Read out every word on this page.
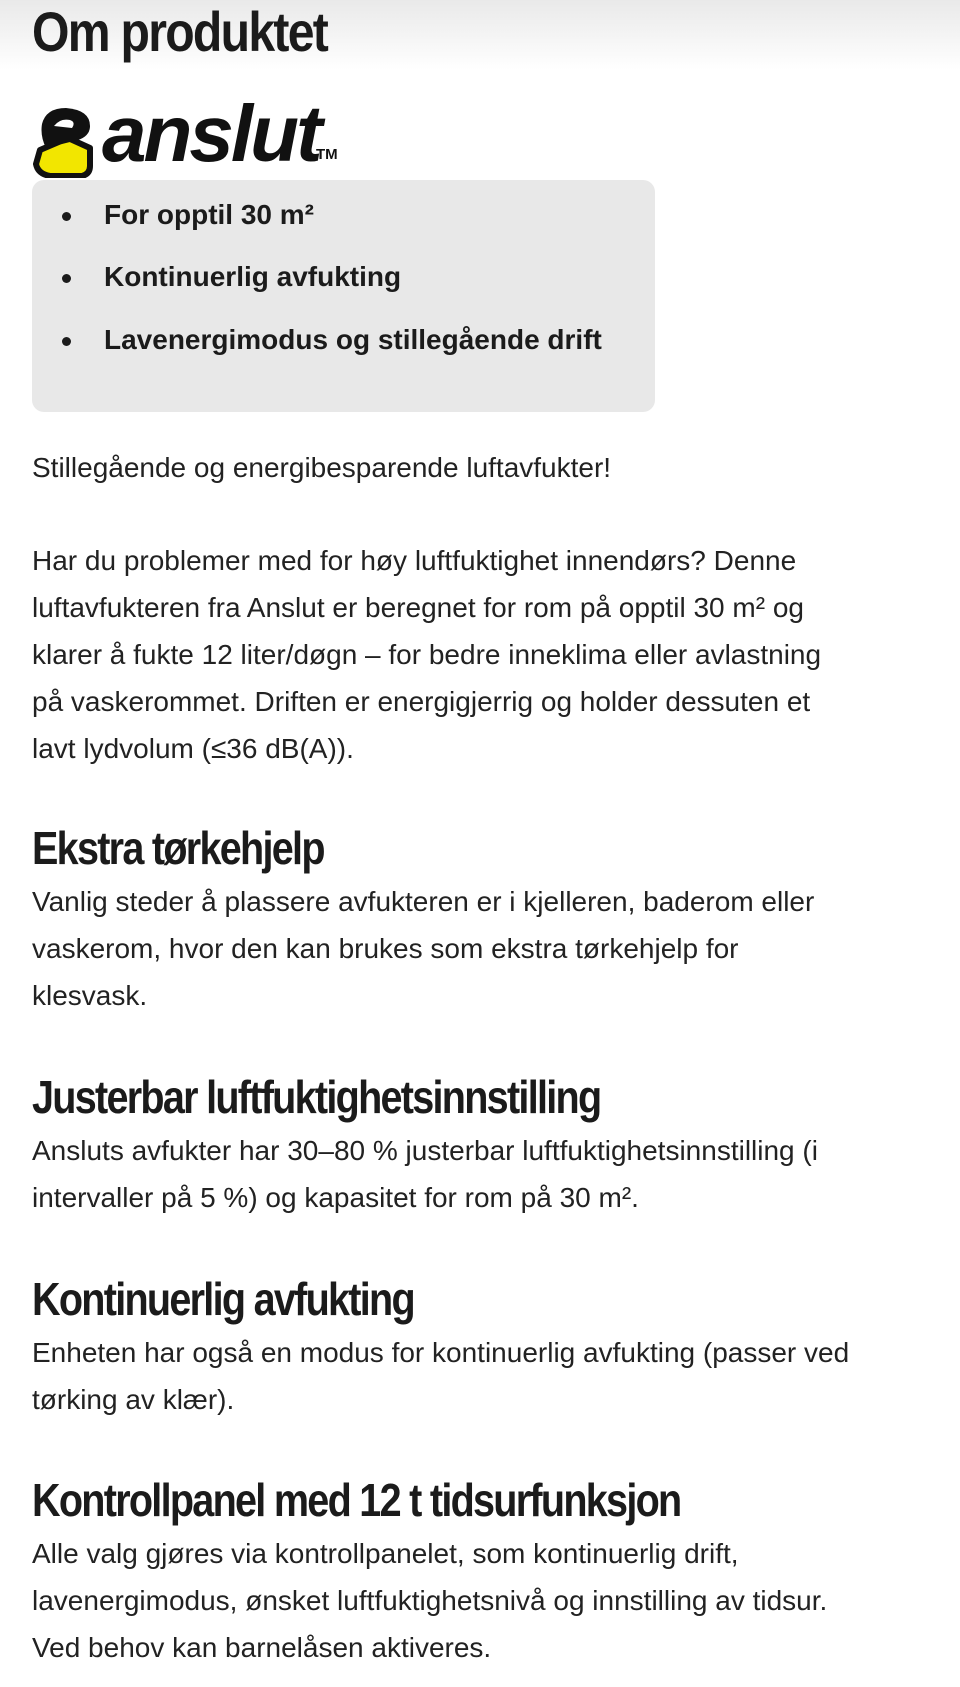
Om produktet
anslut
TM
For opptil 30 m²
Kontinuerlig avfukting
Lavenergimodus og stillegående drift

Stillegående og energibesparende luftavfukter!

Har du problemer med for høy luftfuktighet innendørs? Denne
luftavfukteren fra Anslut er beregnet for rom på opptil 30 m² og
klarer å fukte 12 liter/døgn – for bedre inneklima eller avlastning
på vaskerommet. Driften er energigjerrig og holder dessuten et
lavt lydvolum (≤36 dB(A)).
Ekstra tørkehjelp
Vanlig steder å plassere avfukteren er i kjelleren, baderom eller
vaskerom, hvor den kan brukes som ekstra tørkehjelp for
klesvask.
Justerbar luftfuktighetsinnstilling
Ansluts avfukter har 30–80 % justerbar luftfuktighetsinnstilling (i
intervaller på 5 %) og kapasitet for rom på 30 m².
Kontinuerlig avfukting
Enheten har også en modus for kontinuerlig avfukting (passer ved
tørking av klær).
Kontrollpanel med 12 t tidsurfunksjon
Alle valg gjøres via kontrollpanelet, som kontinuerlig drift,
lavenergimodus, ønsket luftfuktighetsnivå og innstilling av tidsur.
Ved behov kan barnelåsen aktiveres.
